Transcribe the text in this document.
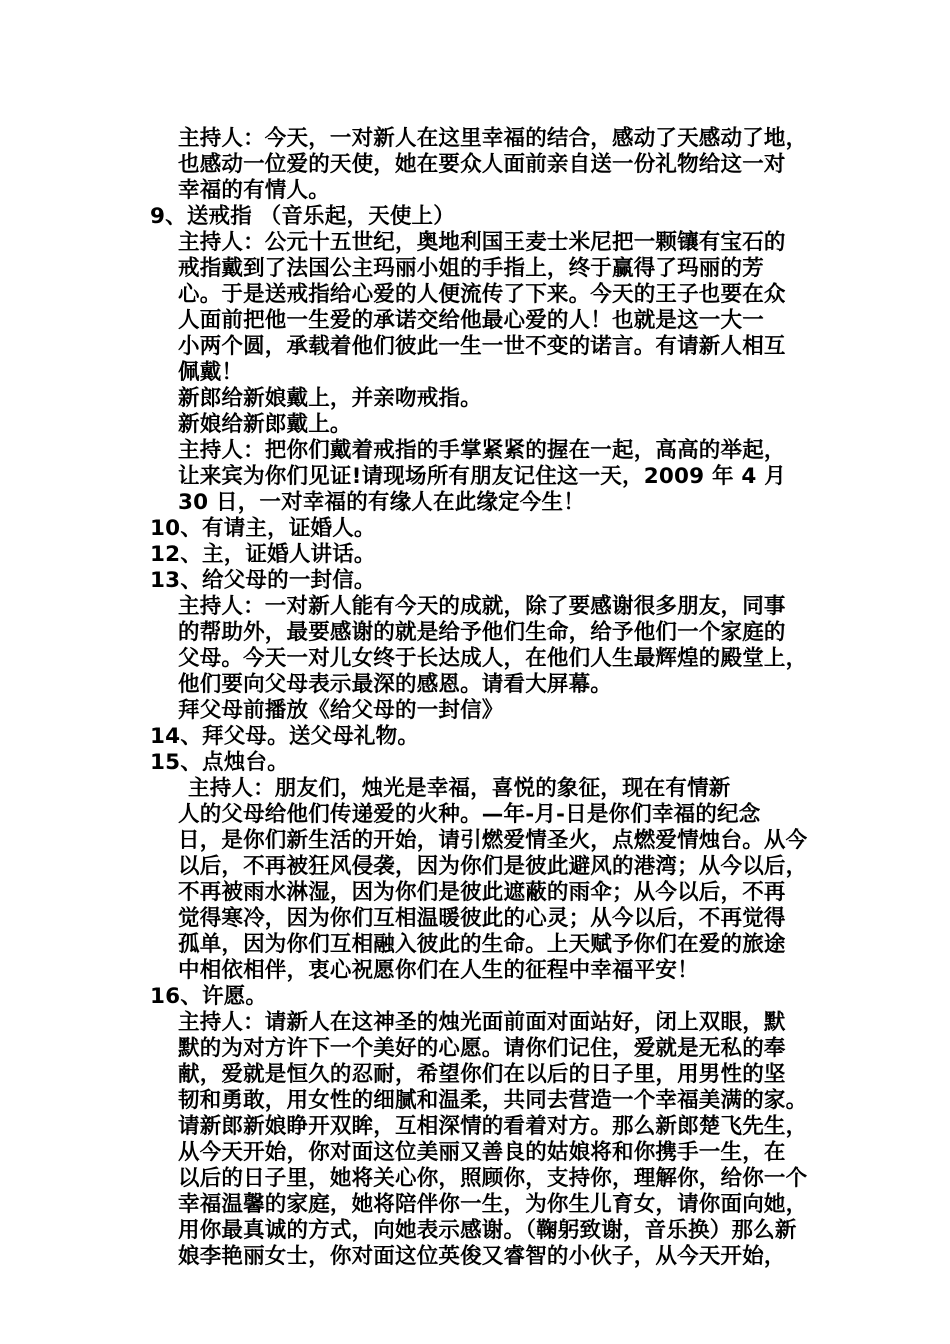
主持人：今天，一对新人在这里幸福的结合，感动了天感动了地，

也感动一位爱的天使，她在要众人面前亲自送一份礼物给这一对

幸福的有情人。

9、送戒指 （音乐起，天使上）

主持人：公元十五世纪，奥地利国王麦士米尼把一颗镶有宝石的

戒指戴到了法国公主玛丽小姐的手指上，终于赢得了玛丽的芳

心。于是送戒指给心爱的人便流传了下来。今天的王子也要在众

人面前把他一生爱的承诺交给他最心爱的人！也就是这一大一

小两个圆，承载着他们彼此一生一世不变的诺言。有请新人相互

佩戴！

新郎给新娘戴上，并亲吻戒指。

新娘给新郎戴上。

主持人：把你们戴着戒指的手掌紧紧的握在一起，高高的举起，

让来宾为你们见证!请现场所有朋友记住这一天，2009 年 4 月

30 日，一对幸福的有缘人在此缘定今生！

10、有请主，证婚人。

12、主，证婚人讲话。

13、给父母的一封信。

主持人：一对新人能有今天的成就，除了要感谢很多朋友，同事

的帮助外，最要感谢的就是给予他们生命，给予他们一个家庭的

父母。今天一对儿女终于长达成人，在他们人生最辉煌的殿堂上，

他们要向父母表示最深的感恩。请看大屏幕。

拜父母前播放《给父母的一封信》

14、拜父母。送父母礼物。

15、点烛台。

主持人：朋友们，烛光是幸福，喜悦的象征，现在有情新

人的父母给他们传递爱的火种。—年-月-日是你们幸福的纪念

日，是你们新生活的开始，请引燃爱情圣火，点燃爱情烛台。从今

以后，不再被狂风侵袭，因为你们是彼此避风的港湾；从今以后，

不再被雨水淋湿，因为你们是彼此遮蔽的雨伞；从今以后，不再

觉得寒冷，因为你们互相温暖彼此的心灵；从今以后，不再觉得

孤单，因为你们互相融入彼此的生命。上天赋予你们在爱的旅途

中相依相伴，衷心祝愿你们在人生的征程中幸福平安！

16、许愿。

主持人：请新人在这神圣的烛光面前面对面站好，闭上双眼，默

默的为对方许下一个美好的心愿。请你们记住，爱就是无私的奉

献，爱就是恒久的忍耐，希望你们在以后的日子里，用男性的坚

韧和勇敢，用女性的细腻和温柔，共同去营造一个幸福美满的家。

请新郎新娘睁开双眸，互相深情的看着对方。那么新郎楚飞先生，

从今天开始，你对面这位美丽又善良的姑娘将和你携手一生，在

以后的日子里，她将关心你，照顾你，支持你，理解你，给你一个

幸福温馨的家庭，她将陪伴你一生，为你生儿育女，请你面向她，

用你最真诚的方式，向她表示感谢。（鞠躬致谢，音乐换）那么新

娘李艳丽女士，你对面这位英俊又睿智的小伙子，从今天开始，
